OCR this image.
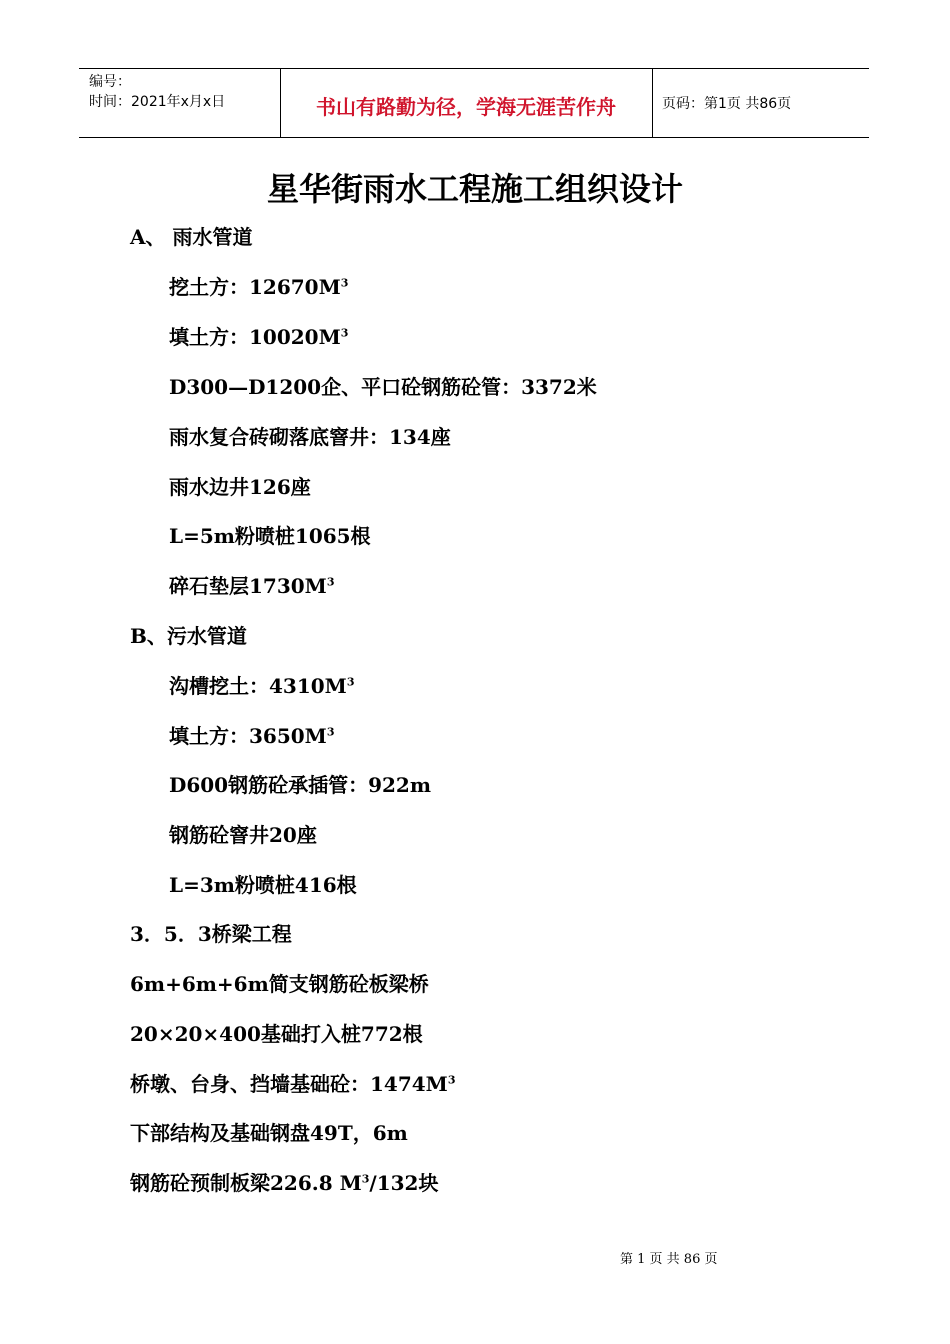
编号：
时间：2021年x月x日	书山有路勤为径，学海无涯苦作舟	页码：第1页 共86页
星华街雨水工程施工组织设计
A、 雨水管道
挖土方：$12670M^3$
填土方：$10020M^3$
D300—D1200企、平口砼钢筋砼管：3372米
雨水复合砖砌落底窨井：134座
雨水边井126座
L=5m粉喷桩1065根
碎石垫层$1730M^3$
B、污水管道
沟槽挖土：$4310M^3$
填土方：$3650M^3$
D600钢筋砼承插管：922m
钢筋砼窨井20座
L=3m粉喷桩416根
3．5．3桥梁工程
6m+6m+6m简支钢筋砼板梁桥
20×20×400基础打入桩772根
桥墩、台身、挡墙基础砼：$1474M^3$
下部结构及基础钢盘49T，6m
钢筋砼预制板梁226.8 $M^3/132$块
第 1 页 共 86 页
